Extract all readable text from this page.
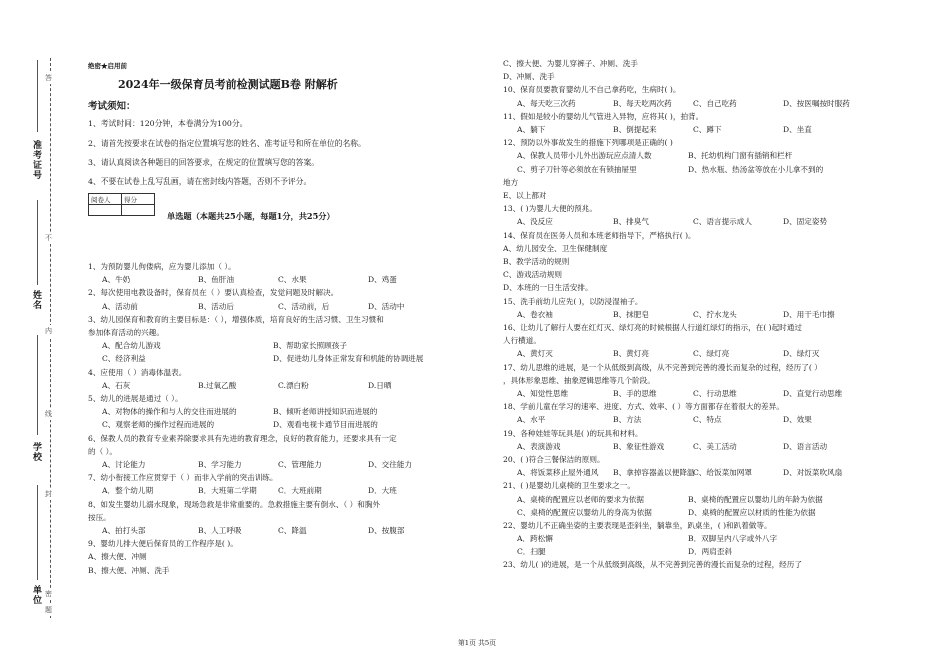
准考证号
姓名
学校
单位
答
不
内
线
封
密
题
绝密★启用前
2024年一级保育员考前检测试题B卷 附解析
考试须知：
1、考试时间：120分钟，本卷满分为100分。
2、请首先按要求在试卷的指定位置填写您的姓名、准考证号和所在单位的名称。
3、请认真阅读各种题目的回答要求，在规定的位置填写您的答案。
4、不要在试卷上乱写乱画，请在密封线内答题，否则不予评分。
阅卷人	得分

单选题（本题共25小题，每题1分，共25分）

1、为预防婴儿佝偻病，应为婴儿添加（ ）。

A、牛奶	B、鱼肝油	C、水果	D、鸡蛋

2、每次使用电教设备时，保育员在（ ）要认真检查，发觉问题及时解决。

A、活动前	B、活动后	C、活动前，后	D、活动中

3、幼儿园保育和教育的主要目标是：（ ），增强体质，培育良好的生活习惯、卫生习惯和

参加体育活动的兴趣。

A、配合幼儿游戏	B、帮助家长照顾孩子
C、经济利益	D、促进幼儿身体正常发育和机能的协调进展

4、应使用（ ）消毒体温表。

A、石灰	B.过氧乙酸	C.漂白粉	D.日晒

5、幼儿的进展是通过（ ）。

A、对物体的操作和与人的交往而进展的	B、倾听老师讲授知识而进展的
C、观察老师的操作过程而进展的	D、观看电视卡通节目而进展的

6、保教人员的教育专业素养除要求具有先进的教育理念，良好的教育能力，还要求具有一定

的（ ）。

A、讨论能力	B、学习能力	C、管理能力	D、交往能力

7、幼小衔接工作应贯穿于（ ）而非入学前的突击训练。

A．整个幼儿期	B．大班第二学期	C．大班前期	D．大班

8、如发生婴幼儿溺水现象，现场急救是非常重要的。急救措施主要有倒水、（ ）和胸外

按压。

A、拍打头部	B、人工呼吸	C、降温	D、按腹部

9、婴幼儿排大便后保育员的工作程序是( )。

A、擦大便、冲厕

B、擦大便、冲厕、洗手

C、擦大便、为婴儿穿裤子、冲厕、洗手

D、冲厕、洗手

10、保育员要教育婴幼儿不自己拿药吃，生病时( )。

A、每天吃三次药	B、每天吃两次药	C、自己吃药	D、按医嘱按时服药

11、假如是较小的婴幼儿气管进入异物，应将其( )，拍背。

A、躺下	B、倒提起来	C、蹲下	D、坐直

12、预防以外事故发生的措施下列哪项是正确的( )

A、保教人员带小儿外出游玩应点清人数	B、托幼机构门窗有插销和栏杆
C、剪子刀针等必须放在有锁抽屉里	D、热水瓶、热汤盆等放在小儿拿不到的

地方

E、以上都对

13、( )为婴儿大便的预兆。

A、没反应	B、排臭气	C、语言提示成人	D、固定姿势

14、保育员在医务人员和本班老师指导下，严格执行( )。

A、幼儿园安全、卫生保健制度

B、教学活动的规则

C、游戏活动规则

D、本班的一日生活安排。

15、洗手前幼儿应先( )，以防浸湿袖子。

A、卷衣袖	B、抹肥皂	C、拧水龙头	D、用干毛巾擦

16、让幼儿了解行人要在红灯灭、绿灯亮的时候根据人行道红绿灯的指示，在( )起时通过

人行横道。

A、黄灯灭	B、黄灯亮	C、绿灯亮	D、绿灯灭

17、幼儿思维的进展，是一个从低级到高级，从不完善到完善的漫长而复杂的过程，经历了( ）

，具体形象思维、抽象逻辑思维等几个阶段。

A、知觉性思维	B、手的思维	C、行动思维	D、直觉行动思维

18、学前儿童在学习的速率、进度、方式、效率、( ）等方面都存在着很大的差异。

A、水平	B、方法	C、特点	D、效果

19、各种娃娃等玩具是( )的玩具和材料。

A、表演游戏	B、象征性游戏	C、美工活动	D、语言活动

20、( )符合三餐保洁的原则。

A、将饭菜移止屋外通风 B、拿掉容器盖以便降温
C、给饭菜加网罩	D、对饭菜吹风扇

21、( )是婴幼儿桌椅的卫生要求之一。

A、桌椅的配置应以老师的要求为依据	B、桌椅的配置应以婴幼儿的年龄为依据
C、桌椅的配置应以婴幼儿的身高为依据	D、桌椅的配置应以材质的性能为依据

22、婴幼儿不正确坐姿的主要表现是歪斜坐，躺靠坐，趴桌坐，( )和趴着做等。

A．跨松懈	B．双脚呈内八字或外八字
C．扫腿	D．两肩歪斜

23、幼儿( )的进展，是一个从低级到高级，从不完善到完善的漫长而复杂的过程，经历了

第1页 共5页
